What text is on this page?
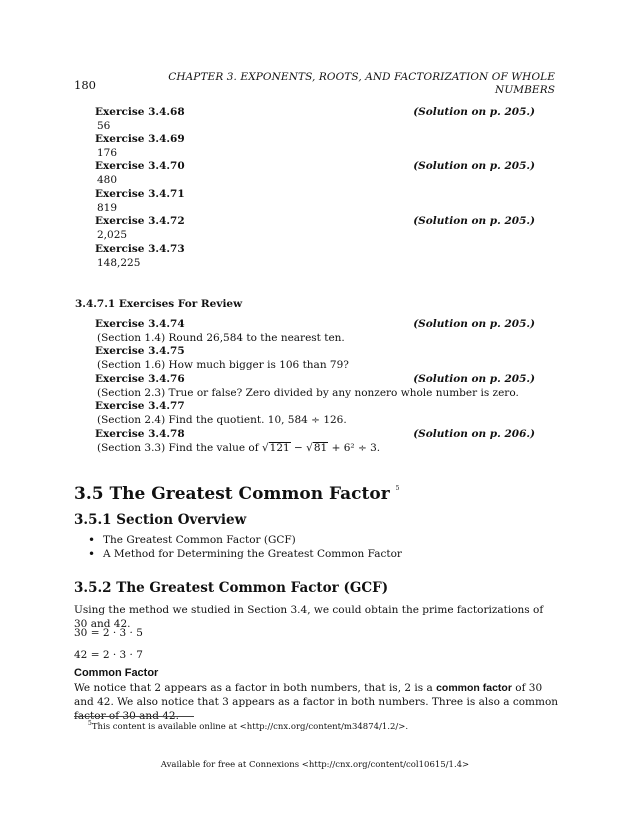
180
CHAPTER 3. EXPONENTS, ROOTS, AND FACTORIZATION OF WHOLE
NUMBERS
Exercise 3.4.68	(Solution on p. 205.)
56
Exercise 3.4.69
176
Exercise 3.4.70	(Solution on p. 205.)
480
Exercise 3.4.71
819
Exercise 3.4.72	(Solution on p. 205.)
2,025
Exercise 3.4.73
148,225
3.4.7.1 Exercises For Review
Exercise 3.4.74	(Solution on p. 205.)
(Section 1.4) Round 26,584 to the nearest ten.
Exercise 3.4.75
(Section 1.6) How much bigger is 106 than 79?
Exercise 3.4.76	(Solution on p. 205.)
(Section 2.3) True or false? Zero divided by any nonzero whole number is zero.
Exercise 3.4.77
(Section 2.4) Find the quotient. 10, 584 ÷ 126.
Exercise 3.4.78	(Solution on p. 206.)
(Section 3.3) Find the value of √121 − √81 + 6² ÷ 3.
3.5 The Greatest Common Factor $^5$
3.5.1 Section Overview
• The Greatest Common Factor (GCF)
• A Method for Determining the Greatest Common Factor
3.5.2 The Greatest Common Factor (GCF)
Using the method we studied in Section 3.4, we could obtain the prime factorizations of 30 and 42.
30 = 2 · 3 · 5
42 = 2 · 3 · 7
Common Factor
We notice that 2 appears as a factor in both numbers, that is, 2 is a common factor of 30 and 42. We also notice that 3 appears as a factor in both numbers. Three is also a common factor of 30 and 42.
$^5$This content is available online at <http://cnx.org/content/m34874/1.2/>.
Available for free at Connexions <http://cnx.org/content/col10615/1.4>
